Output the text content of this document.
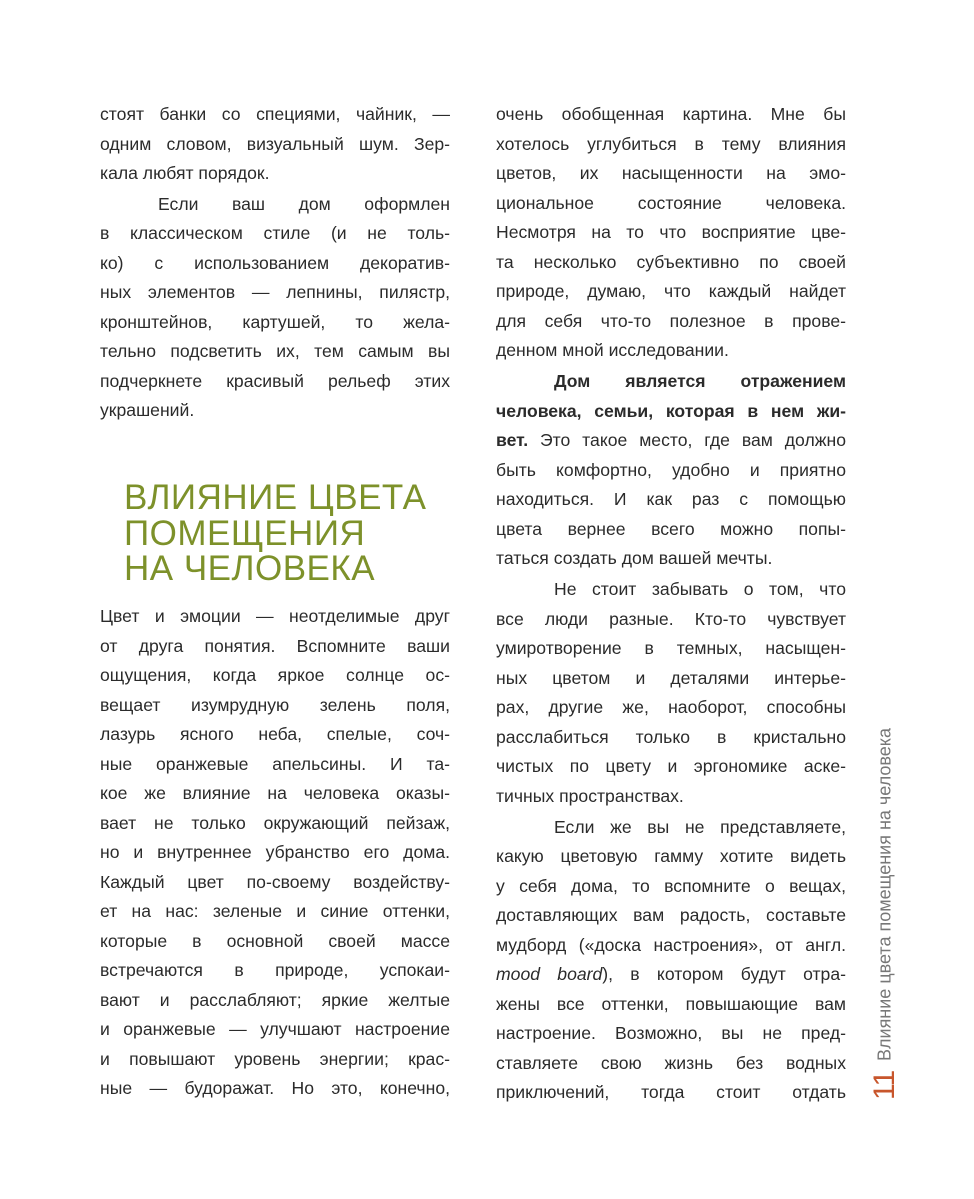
стоят банки со специями, чайник, —
одним словом, визуальный шум. Зер-
кала любят порядок.
Если ваш дом оформлен
в классическом стиле (и не толь-
ко) с использованием декоратив-
ных элементов — лепнины, пилястр,
кронштейнов, картушей, то жела-
тельно подсветить их, тем самым вы
подчеркнете красивый рельеф этих
украшений.
ВЛИЯНИЕ ЦВЕТА
ПОМЕЩЕНИЯ
НА ЧЕЛОВЕКА
Цвет и эмоции — неотделимые друг
от друга понятия. Вспомните ваши
ощущения, когда яркое солнце ос-
вещает изумрудную зелень поля,
лазурь ясного неба, спелые, соч-
ные оранжевые апельсины. И та-
кое же влияние на человека оказы-
вает не только окружающий пейзаж,
но и внутреннее убранство его дома.
Каждый цвет по-своему воздейству-
ет на нас: зеленые и синие оттенки,
которые в основной своей массе
встречаются в природе, успокаи-
вают и расслабляют; яркие желтые
и оранжевые — улучшают настроение
и повышают уровень энергии; крас-
ные — будоражат. Но это, конечно,
очень обобщенная картина. Мне бы
хотелось углубиться в тему влияния
цветов, их насыщенности на эмо-
циональное состояние человека.
Несмотря на то что восприятие цве-
та несколько субъективно по своей
природе, думаю, что каждый найдет
для себя что-то полезное в прове-
денном мной исследовании.
Дом является отражением
человека, семьи, которая в нем жи-
вет. Это такое место, где вам должно
быть комфортно, удобно и приятно
находиться. И как раз с помощью
цвета вернее всего можно попы-
таться создать дом вашей мечты.
Не стоит забывать о том, что
все люди разные. Кто-то чувствует
умиротворение в темных, насыщен-
ных цветом и деталями интерье-
рах, другие же, наоборот, способны
расслабиться только в кристально
чистых по цвету и эргономике аске-
тичных пространствах.
Если же вы не представляете,
какую цветовую гамму хотите видеть
у себя дома, то вспомните о вещах,
доставляющих вам радость, составьте
мудборд («доска настроения», от англ.
mood board), в котором будут отра-
жены все оттенки, повышающие вам
настроение. Возможно, вы не пред-
ставляете свою жизнь без водных
приключений, тогда стоит отдать 11
Влияние цвета помещения на человека
